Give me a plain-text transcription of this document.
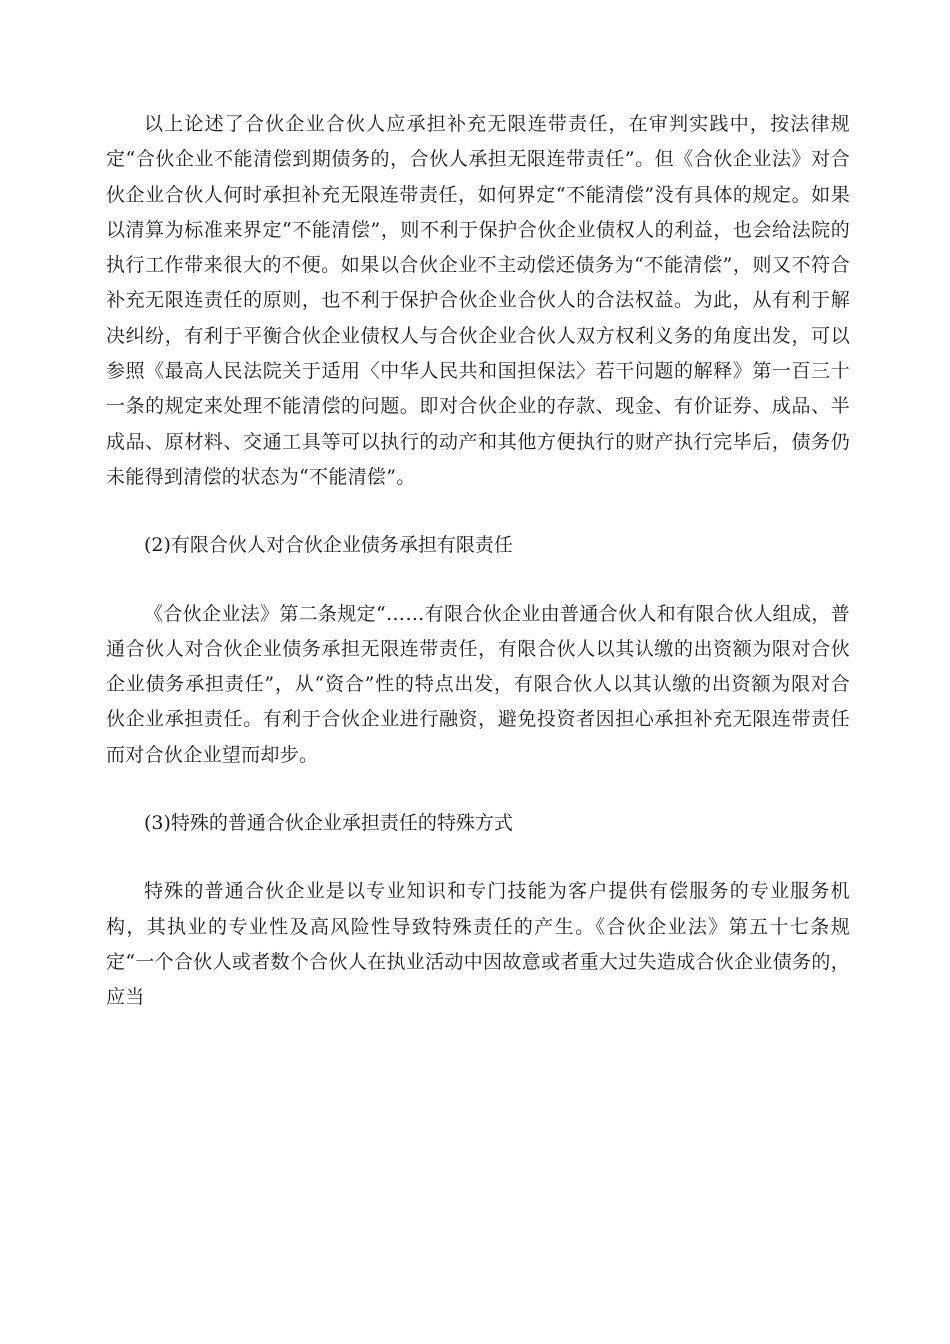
以上论述了合伙企业合伙人应承担补充无限连带责任，在审判实践中，按法律规定“合伙企业不能清偿到期债务的，合伙人承担无限连带责任”。但《合伙企业法》对合伙企业合伙人何时承担补充无限连带责任，如何界定“不能清偿”没有具体的规定。如果以清算为标准来界定“不能清偿”，则不利于保护合伙企业债权人的利益，也会给法院的执行工作带来很大的不便。如果以合伙企业不主动偿还债务为“不能清偿”，则又不符合补充无限连责任的原则，也不利于保护合伙企业合伙人的合法权益。为此，从有利于解决纠纷，有利于平衡合伙企业债权人与合伙企业合伙人双方权利义务的角度出发，可以参照《最高人民法院关于适用〈中华人民共和国担保法〉若干问题的解释》第一百三十一条的规定来处理不能清偿的问题。即对合伙企业的存款、现金、有价证券、成品、半成品、原材料、交通工具等可以执行的动产和其他方便执行的财产执行完毕后，债务仍未能得到清偿的状态为“不能清偿”。

(2)有限合伙人对合伙企业债务承担有限责任

《合伙企业法》第二条规定“……有限合伙企业由普通合伙人和有限合伙人组成，普通合伙人对合伙企业债务承担无限连带责任，有限合伙人以其认缴的出资额为限对合伙企业债务承担责任”，从“资合”性的特点出发，有限合伙人以其认缴的出资额为限对合伙企业承担责任。有利于合伙企业进行融资，避免投资者因担心承担补充无限连带责任而对合伙企业望而却步。

(3)特殊的普通合伙企业承担责任的特殊方式

特殊的普通合伙企业是以专业知识和专门技能为客户提供有偿服务的专业服务机构，其执业的专业性及高风险性导致特殊责任的产生。《合伙企业法》第五十七条规定“一个合伙人或者数个合伙人在执业活动中因故意或者重大过失造成合伙企业债务的，应当
